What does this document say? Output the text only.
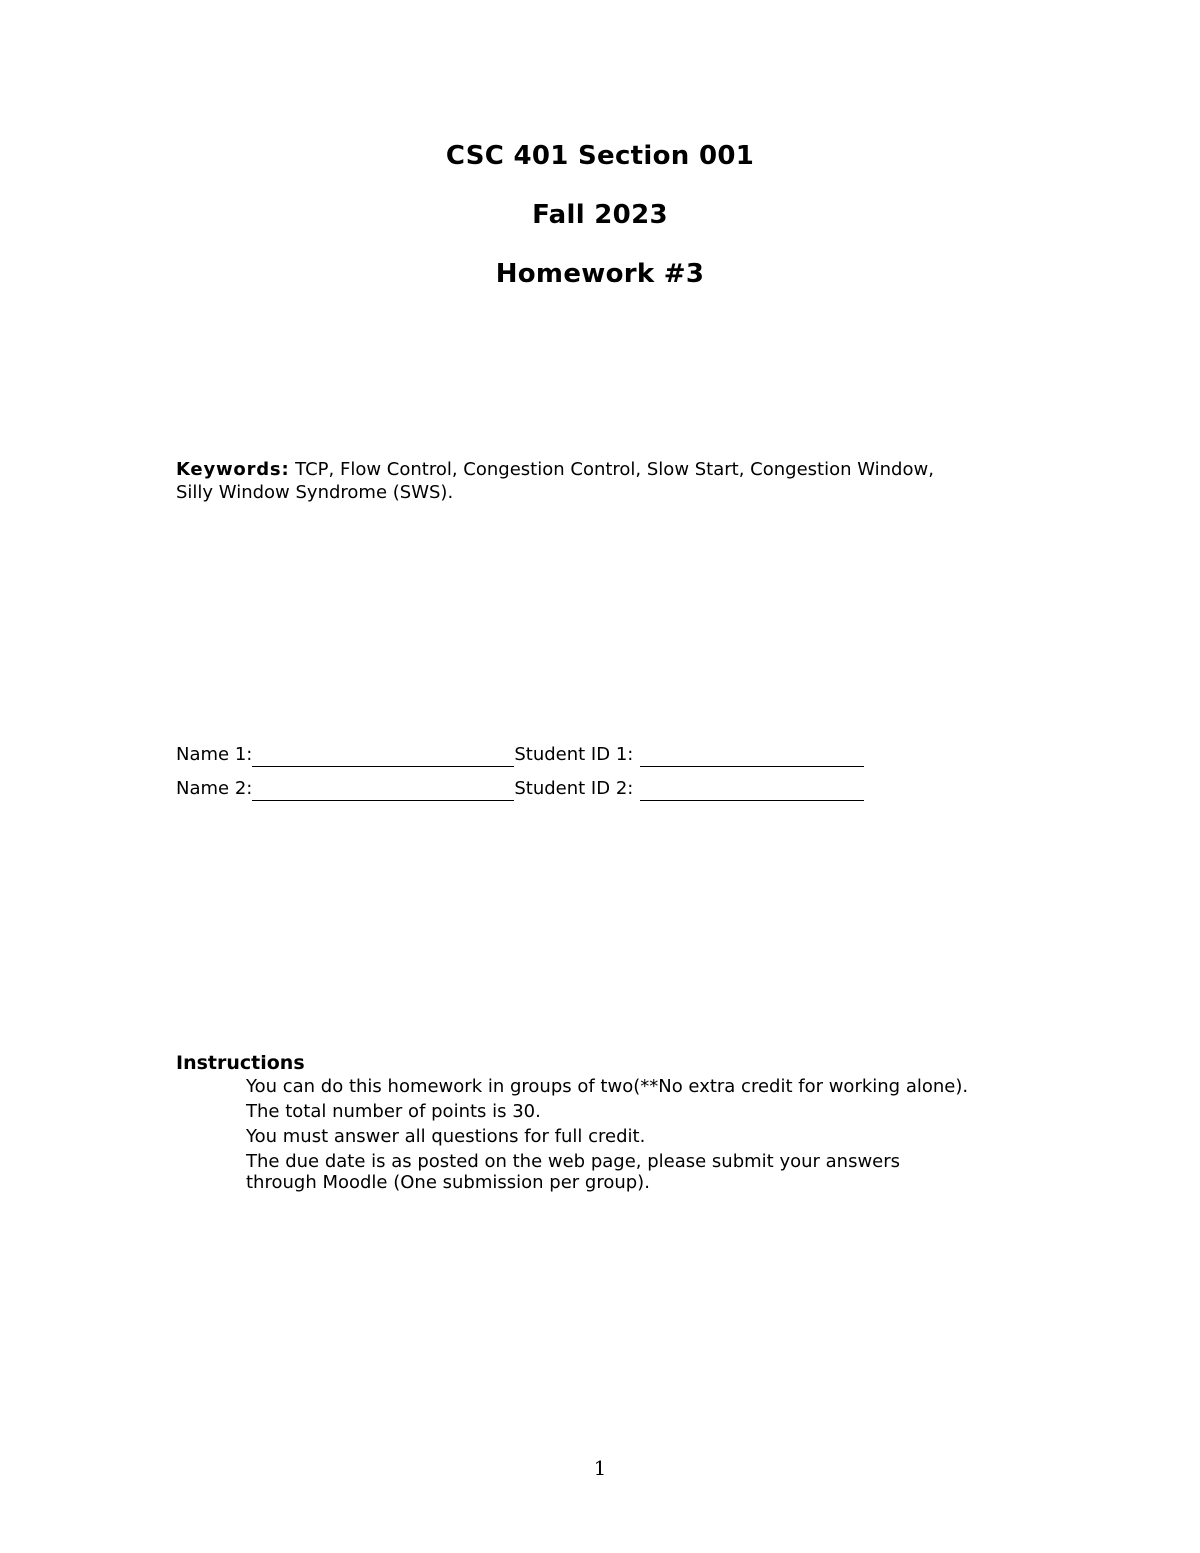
CSC 401 Section 001
Fall 2023
Homework #3
Keywords: TCP, Flow Control, Congestion Control, Slow Start, Congestion Window, Silly Window Syndrome (SWS).
Name 1:	Student ID 1:
Name 2:	Student ID 2:
Instructions
You can do this homework in groups of two(**No extra credit for working alone).
The total number of points is 30.
You must answer all questions for full credit.
The due date is as posted on the web page, please submit your answers through Moodle (One submission per group).
1
